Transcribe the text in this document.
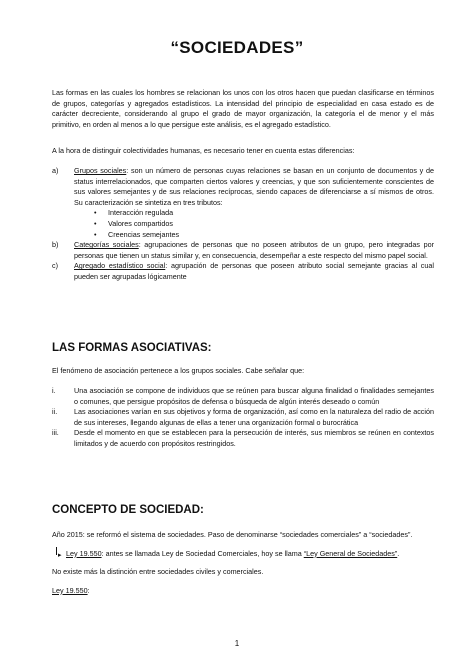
“SOCIEDADES”

Las formas en las cuales los hombres se relacionan los unos con los otros hacen que puedan clasificarse en términos de grupos, categorías y agregados estadísticos. La intensidad del principio de especialidad en casa estado es de carácter decreciente, considerando al grupo el grado de mayor organización, la categoría el de menor y el más primitivo, en orden al menos a lo que persigue este análisis, es el agregado estadístico.

A la hora de distinguir colectividades humanas, es necesario tener en cuenta estas diferencias:

a)	Grupos sociales: son un número de personas cuyas relaciones se basan en un conjunto de documentos y de status interrelacionados, que comparten ciertos valores y creencias, y que son suficientemente conscientes de sus valores semejantes y de sus relaciones recíprocas, siendo capaces de diferenciarse a sí mismos de otros. Su caracterización se sintetiza en tres tributos:
•	Interacción regulada
•	Valores compartidos
•	Creencias semejantes
b)	Categorías sociales: agrupaciones de personas que no poseen atributos de un grupo, pero integradas por personas que tienen un status similar y, en consecuencia, desempeñar a este respecto del mismo papel social.
c)	Agregado estadístico social: agrupación de personas que poseen atributo social semejante gracias al cual pueden ser agrupadas lógicamente
LAS FORMAS ASOCIATIVAS:

El fenómeno de asociación pertenece a los grupos sociales. Cabe señalar que:

i.	Una asociación se compone de individuos que se reúnen para buscar alguna finalidad o finalidades semejantes o comunes, que persigue propósitos de defensa o búsqueda de algún interés deseado o común
ii.	Las asociaciones varían en sus objetivos y forma de organización, así como en la naturaleza del radio de acción de sus intereses, llegando algunas de ellas a tener una organización formal o burocrática
iii.	Desde el momento en que se establecen para la persecución de interés, sus miembros se reúnen en contextos limitados y de acuerdo con propósitos restringidos.
CONCEPTO DE SOCIEDAD:

Año 2015: se reformó el sistema de sociedades. Paso de denominarse “sociedades comerciales” a “sociedades”.

▸Ley 19.550: antes se llamada Ley de Sociedad Comerciales, hoy se llama “Ley General de Sociedades”.

No existe más la distinción entre sociedades civiles y comerciales.

Ley 19.550:

1
